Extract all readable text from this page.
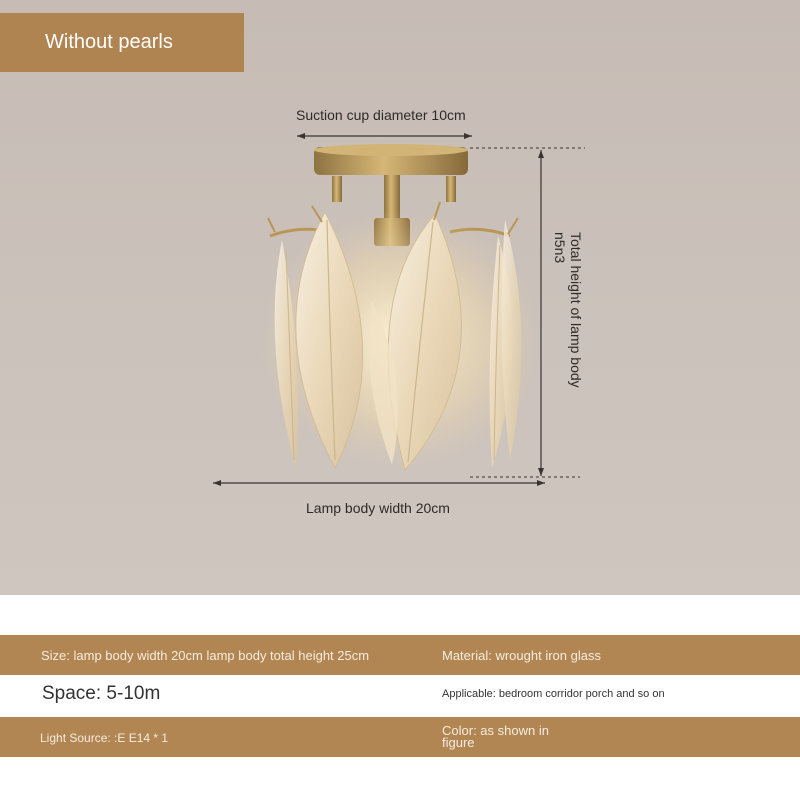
Without pearls
Suction cup diameter 10cm
Total height of lamp body
n5n3
Lamp body width 20cm
Size: lamp body width 20cm lamp body total height 25cm	Material: wrought iron glass
Space: 5-10m	Applicable: bedroom corridor porch and so on
Light Source: :E E14 * 1	Color: as shown in
figure
